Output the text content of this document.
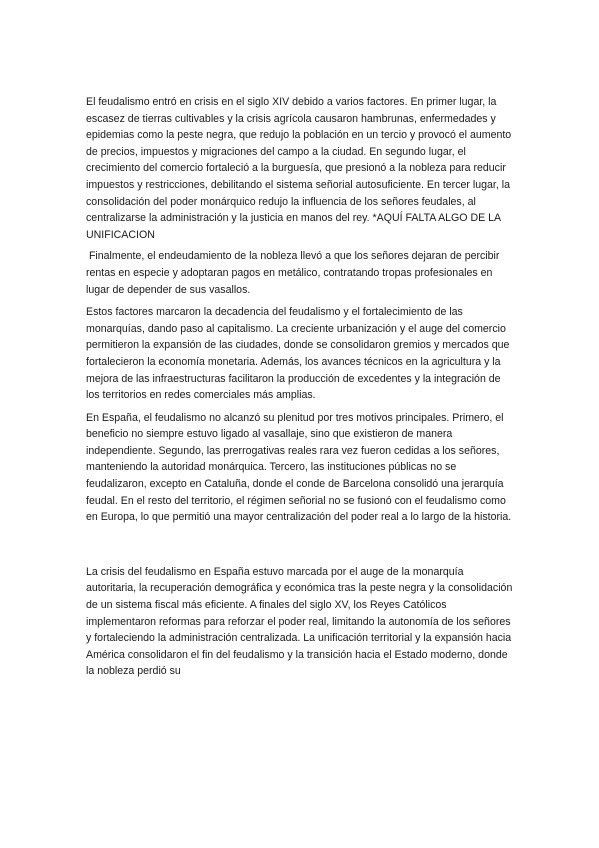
El feudalismo entró en crisis en el siglo XIV debido a varios factores. En primer lugar, la escasez de tierras cultivables y la crisis agrícola causaron hambrunas, enfermedades y epidemias como la peste negra, que redujo la población en un tercio y provocó el aumento de precios, impuestos y migraciones del campo a la ciudad. En segundo lugar, el crecimiento del comercio fortaleció a la burguesía, que presionó a la nobleza para reducir impuestos y restricciones, debilitando el sistema señorial autosuficiente. En tercer lugar, la consolidación del poder monárquico redujo la influencia de los señores feudales, al centralizarse la administración y la justicia en manos del rey. *AQUÍ FALTA ALGO DE LA UNIFICACION

Finalmente, el endeudamiento de la nobleza llevó a que los señores dejaran de percibir rentas en especie y adoptaran pagos en metálico, contratando tropas profesionales en lugar de depender de sus vasallos.

Estos factores marcaron la decadencia del feudalismo y el fortalecimiento de las monarquías, dando paso al capitalismo. La creciente urbanización y el auge del comercio permitieron la expansión de las ciudades, donde se consolidaron gremios y mercados que fortalecieron la economía monetaria. Además, los avances técnicos en la agricultura y la mejora de las infraestructuras facilitaron la producción de excedentes y la integración de los territorios en redes comerciales más amplias.

En España, el feudalismo no alcanzó su plenitud por tres motivos principales. Primero, el beneficio no siempre estuvo ligado al vasallaje, sino que existieron de manera independiente. Segundo, las prerrogativas reales rara vez fueron cedidas a los señores, manteniendo la autoridad monárquica. Tercero, las instituciones públicas no se feudalizaron, excepto en Cataluña, donde el conde de Barcelona consolidó una jerarquía feudal. En el resto del territorio, el régimen señorial no se fusionó con el feudalismo como en Europa, lo que permitió una mayor centralización del poder real a lo largo de la historia.

La crisis del feudalismo en España estuvo marcada por el auge de la monarquía autoritaria, la recuperación demográfica y económica tras la peste negra y la consolidación de un sistema fiscal más eficiente. A finales del siglo XV, los Reyes Católicos implementaron reformas para reforzar el poder real, limitando la autonomía de los señores y fortaleciendo la administración centralizada. La unificación territorial y la expansión hacia América consolidaron el fin del feudalismo y la transición hacia el Estado moderno, donde la nobleza perdió su
